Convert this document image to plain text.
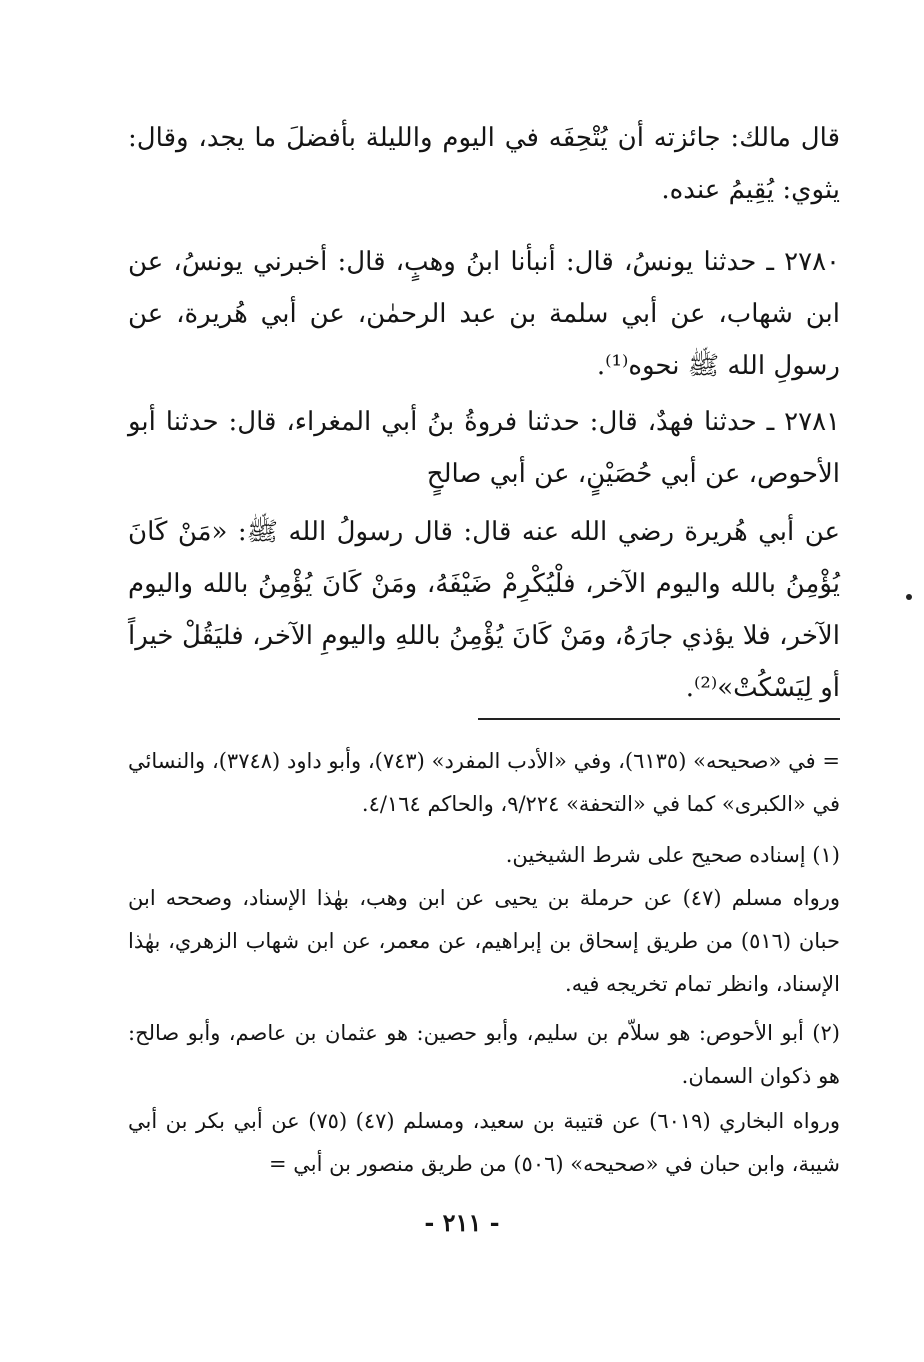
قال مالك: جائزته أن يُتْحِفَه في اليوم والليلة بأفضلَ ما يجد، وقال: يثوي: يُقِيمُ عنده.
٢٧٨٠ ـ حدثنا يونسُ، قال: أنبأنا ابنُ وهبٍ، قال: أخبرني يونسُ، عن ابن شهاب، عن أبي سلمة بن عبد الرحمٰن، عن أبي هُريرة، عن رسولِ الله ﷺ نحوه⁽¹⁾.
٢٧٨١ ـ حدثنا فهدٌ، قال: حدثنا فروةُ بنُ أبي المغراء، قال: حدثنا أبو الأحوص، عن أبي حُصَيْنٍ، عن أبي صالحٍ
عن أبي هُريرة رضي الله عنه قال: قال رسولُ الله ﷺ: «مَنْ كَانَ يُؤْمِنُ بالله واليوم الآخر، فلْيُكْرِمْ ضَيْفَهُ، ومَنْ كَانَ يُؤْمِنُ بالله واليوم الآخر، فلا يؤذي جارَهُ، ومَنْ كَانَ يُؤْمِنُ باللهِ واليومِ الآخر، فليَقُلْ خيراً أو لِيَسْكُتْ»⁽²⁾.
= في «صحيحه» (٦١٣٥)، وفي «الأدب المفرد» (٧٤٣)، وأبو داود (٣٧٤٨)، والنسائي في «الكبرى» كما في «التحفة» ٩/٢٢٤، والحاكم ٤/١٦٤.
(١) إسناده صحيح على شرط الشيخين.
ورواه مسلم (٤٧) عن حرملة بن يحيى عن ابن وهب، بهٰذا الإسناد، وصححه ابن حبان (٥١٦) من طريق إسحاق بن إبراهيم، عن معمر، عن ابن شهاب الزهري، بهٰذا الإسناد، وانظر تمام تخريجه فيه.
(٢) أبو الأحوص: هو سلاّم بن سليم، وأبو حصين: هو عثمان بن عاصم، وأبو صالح: هو ذكوان السمان.
ورواه البخاري (٦٠١٩) عن قتيبة بن سعيد، ومسلم (٤٧) (٧٥) عن أبي بكر بن أبي شيبة، وابن حبان في «صحيحه» (٥٠٦) من طريق منصور بن أبي =
- ٢١١ -
